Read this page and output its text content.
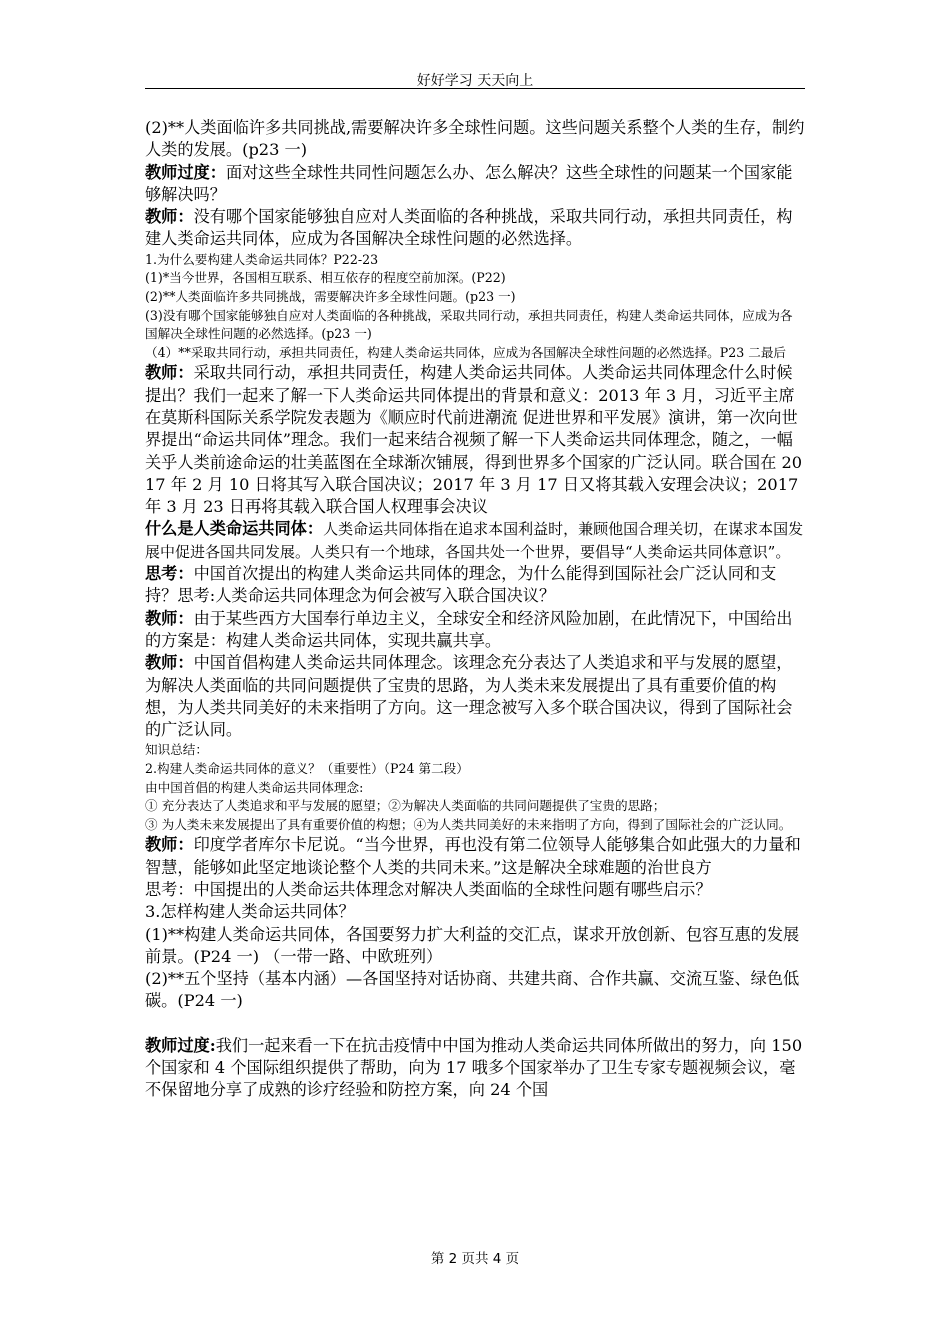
好好学习 天天向上

(2)**人类面临许多共同挑战,需要解决许多全球性问题。这些问题关系整个人类的生存，制约人类的发展。(p23 一)

教师过度：面对这些全球性共同性问题怎么办、怎么解决？这些全球性的问题某一个国家能够解决吗？

教师：没有哪个国家能够独自应对人类面临的各种挑战，采取共同行动，承担共同责任，构建人类命运共同体，应成为各国解决全球性问题的必然选择。

1.为什么要构建人类命运共同体？P22-23

(1)*当今世界，各国相互联系、相互依存的程度空前加深。(P22)

(2)**人类面临许多共同挑战，需要解决许多全球性问题。(p23 一)

(3)没有哪个国家能够独自应对人类面临的各种挑战，采取共同行动，承担共同责任，构建人类命运共同体，应成为各国解决全球性问题的必然选择。(p23 一)

（4）**采取共同行动，承担共同责任，构建人类命运共同体，应成为各国解决全球性问题的必然选择。P23 二最后

教师：采取共同行动，承担共同责任，构建人类命运共同体。人类命运共同体理念什么时候提出？我们一起来了解一下人类命运共同体提出的背景和意义：2013 年 3 月，习近平主席在莫斯科国际关系学院发表题为《顺应时代前进潮流 促进世界和平发展》演讲，第一次向世界提出“命运共同体”理念。我们一起来结合视频了解一下人类命运共同体理念，随之，一幅关乎人类前途命运的壮美蓝图在全球渐次铺展，得到世界多个国家的广泛认同。联合国在 2017 年 2 月 10 日将其写入联合国决议；2017 年 3 月 17 日又将其载入安理会决议；2017 年 3 月 23 日再将其载入联合国人权理事会决议

什么是人类命运共同体：人类命运共同体指在追求本国利益时，兼顾他国合理关切，在谋求本国发展中促进各国共同发展。人类只有一个地球，各国共处一个世界，要倡导“人类命运共同体意识”。

思考：中国首次提出的构建人类命运共同体的理念，为什么能得到国际社会广泛认同和支持？思考:人类命运共同体理念为何会被写入联合国决议？

教师：由于某些西方大国奉行单边主义，全球安全和经济风险加剧，在此情况下，中国给出的方案是：构建人类命运共同体，实现共赢共享。

教师：中国首倡构建人类命运共同体理念。该理念充分表达了人类追求和平与发展的愿望，为解决人类面临的共同问题提供了宝贵的思路，为人类未来发展提出了具有重要价值的构想，为人类共同美好的未来指明了方向。这一理念被写入多个联合国决议，得到了国际社会的广泛认同。

知识总结：

2.构建人类命运共同体的意义？（重要性）（P24 第二段）

由中国首倡的构建人类命运共同体理念:

① 充分表达了人类追求和平与发展的愿望；②为解决人类面临的共同问题提供了宝贵的思路；

③ 为人类未来发展提出了具有重要价值的构想；④为人类共同美好的未来指明了方向，得到了国际社会的广泛认同。

教师：印度学者库尔卡尼说。“当今世界，再也没有第二位领导人能够集合如此强大的力量和智慧，能够如此坚定地谈论整个人类的共同未来。”这是解决全球难题的治世良方

思考：中国提出的人类命运共体理念对解决人类面临的全球性问题有哪些启示？

3.怎样构建人类命运共同体？

(1)**构建人类命运共同体，各国要努力扩大利益的交汇点，谋求开放创新、包容互惠的发展前景。(P24 一) （一带一路、中欧班列）

(2)**五个坚持（基本内涵）—各国坚持对话协商、共建共商、合作共赢、交流互鉴、绿色低碳。(P24 一)

教师过度:我们一起来看一下在抗击疫情中中国为推动人类命运共同体所做出的努力，向 150 个国家和 4 个国际组织提供了帮助，向为 17 哦多个国家举办了卫生专家专题视频会议，毫不保留地分享了成熟的诊疗经验和防控方案，向 24 个国

第 2 页共 4 页
